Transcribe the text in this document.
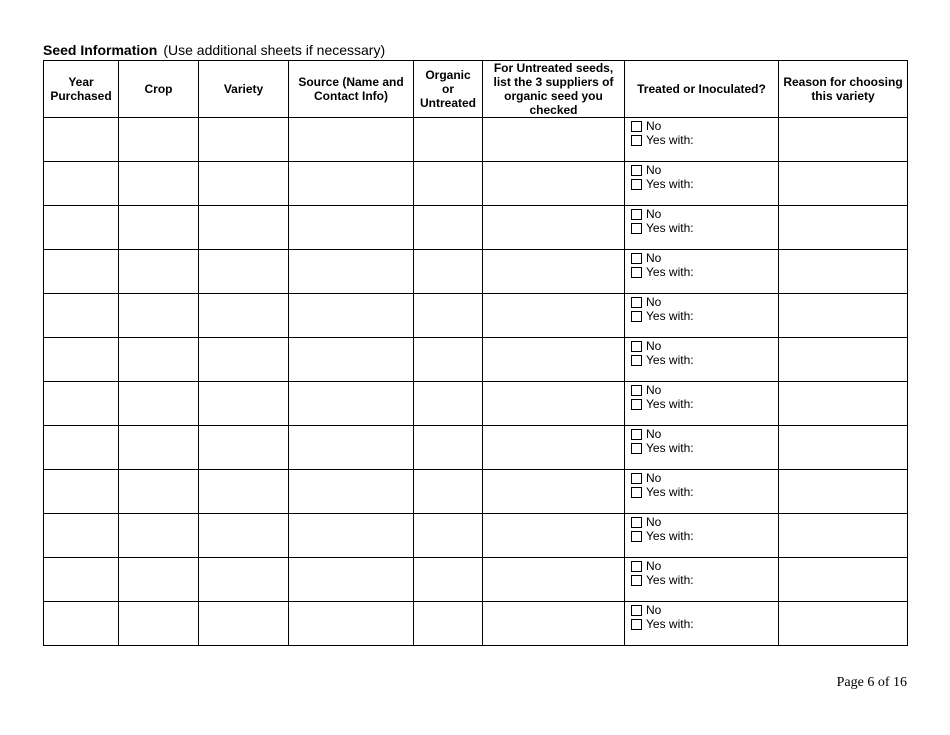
Seed Information (Use additional sheets if necessary)
Year Purchased	Crop	Variety	Source (Name and Contact Info)	Organic or Untreated	For Untreated seeds, list the 3 suppliers of organic seed you checked	Treated or Inoculated?	Reason for choosing this variety

						No
Yes with:	

						No
Yes with:	

						No
Yes with:	

						No
Yes with:	

						No
Yes with:	

						No
Yes with:	

						No
Yes with:	

						No
Yes with:	

						No
Yes with:	

						No
Yes with:	

						No
Yes with:	

						No
Yes with:	

Page 6 of 16
